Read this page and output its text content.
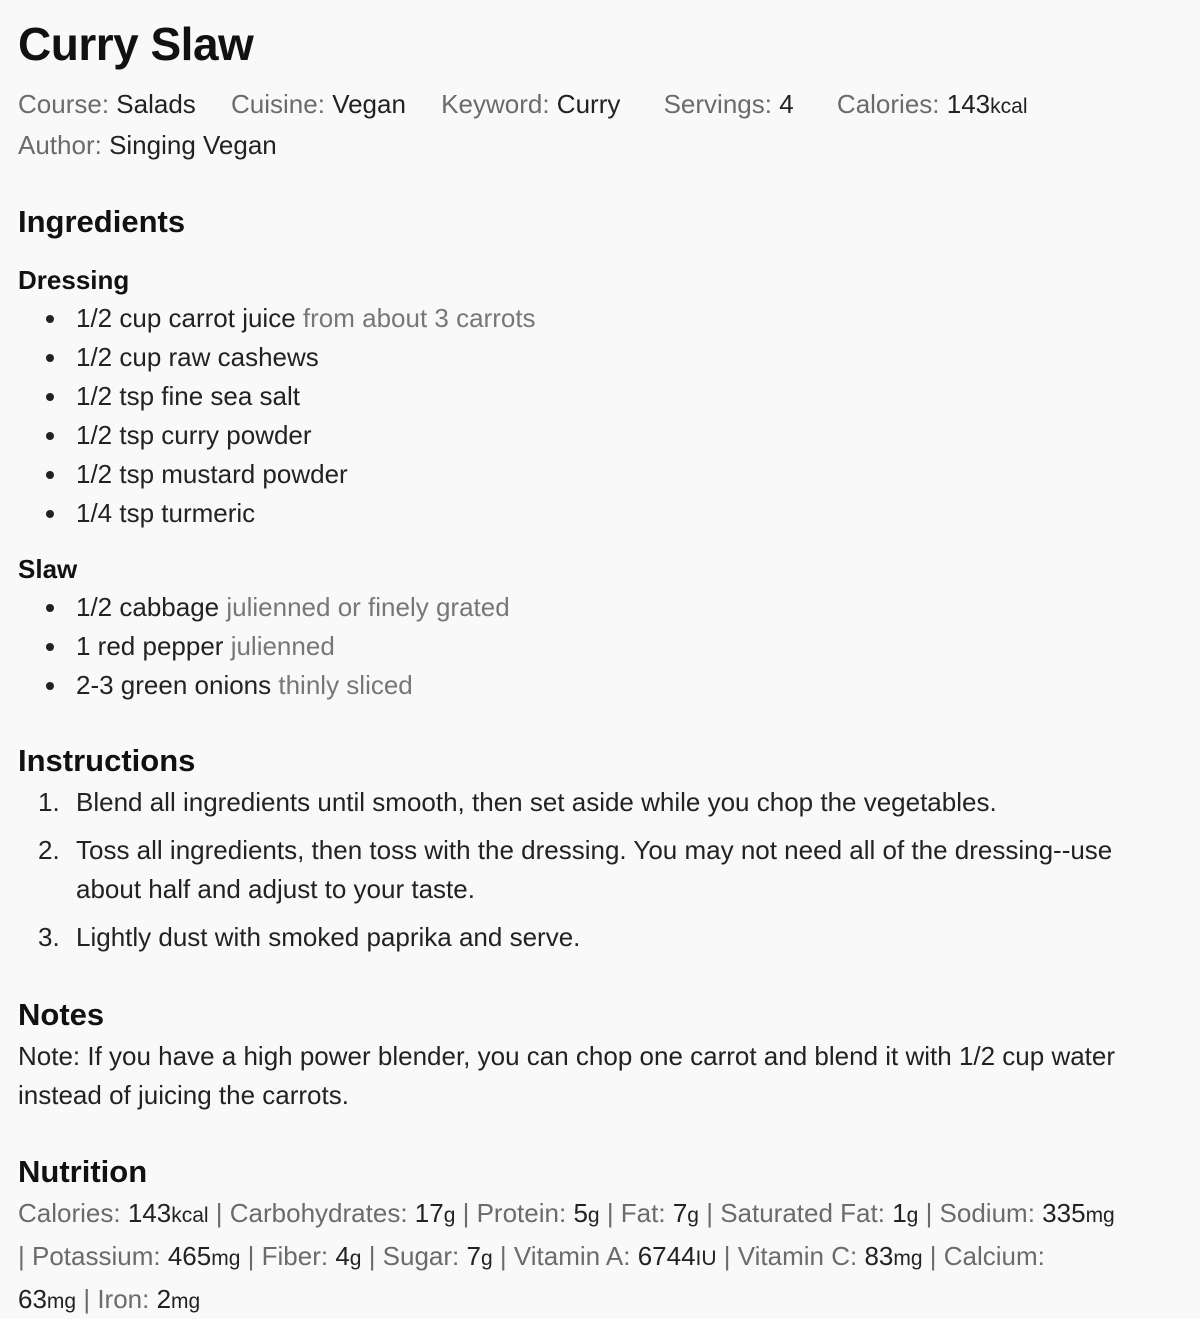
Curry Slaw
Course: Salads Cuisine: Vegan Keyword: Curry Servings: 4 Calories: 143kcal
Author: Singing Vegan
Ingredients
Dressing
1/2 cup carrot juice from about 3 carrots
1/2 cup raw cashews
1/2 tsp fine sea salt
1/2 tsp curry powder
1/2 tsp mustard powder
1/4 tsp turmeric
Slaw
1/2 cabbage julienned or finely grated
1 red pepper julienned
2-3 green onions thinly sliced
Instructions
1. Blend all ingredients until smooth, then set aside while you chop the vegetables.
2. Toss all ingredients, then toss with the dressing. You may not need all of the dressing--use about half and adjust to your taste.
3. Lightly dust with smoked paprika and serve.
Notes

Note: If you have a high power blender, you can chop one carrot and blend it with 1/2 cup water instead of juicing the carrots.

Nutrition

Calories: 143kcal | Carbohydrates: 17g | Protein: 5g | Fat: 7g | Saturated Fat: 1g | Sodium: 335mg
| Potassium: 465mg | Fiber: 4g | Sugar: 7g | Vitamin A: 6744IU | Vitamin C: 83mg | Calcium:
63mg | Iron: 2mg
